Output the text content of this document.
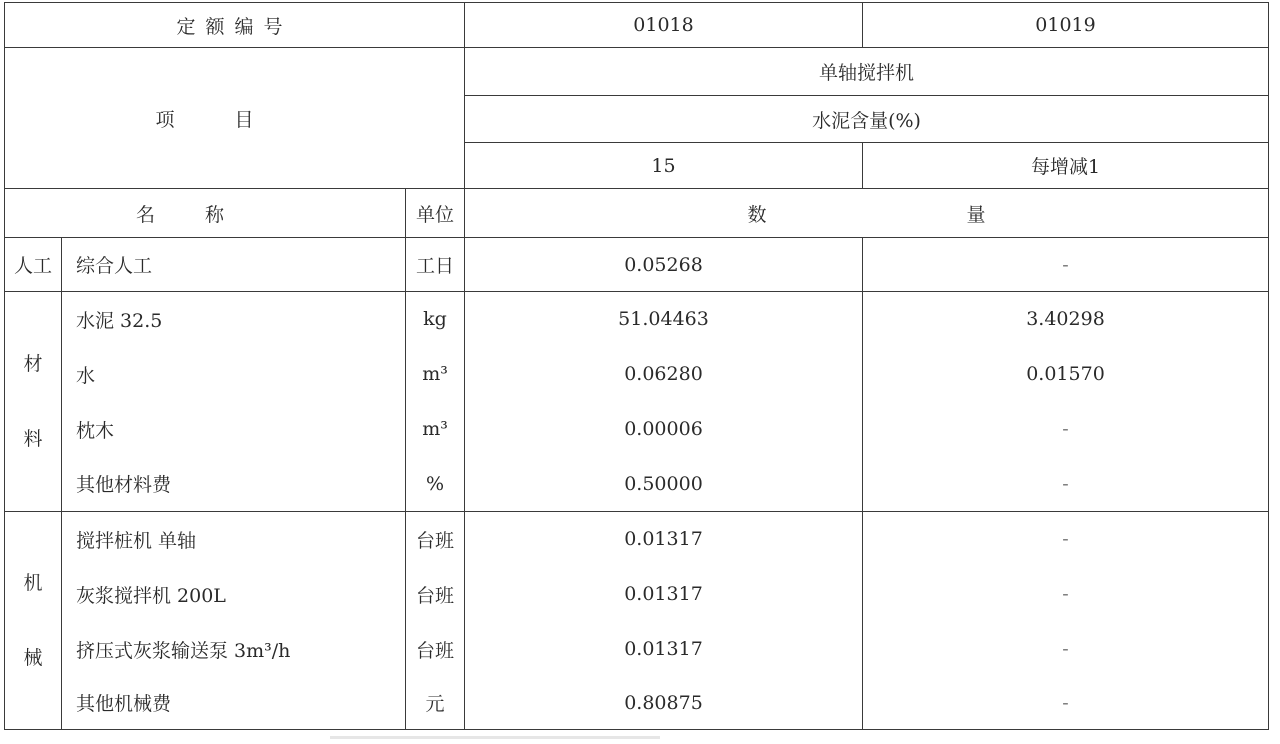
定额编号			01018	01019
项目			单轴搅拌机	
			水泥含量(%)	
			15	每增减1
名称		单位	数量	
人工	综合人工	工日	0.05268	-

材
料	水泥 32.5	kg	51.04463	3.40298
	水	m³	0.06280	0.01570
	枕木	m³	0.00006	-
	其他材料费	%	0.50000	-

机
械	搅拌桩机 单轴	台班	0.01317	-
	灰浆搅拌机 200L	台班	0.01317	-
	挤压式灰浆输送泵 3m³/h	台班	0.01317	-
	其他机械费	元	0.80875	-
